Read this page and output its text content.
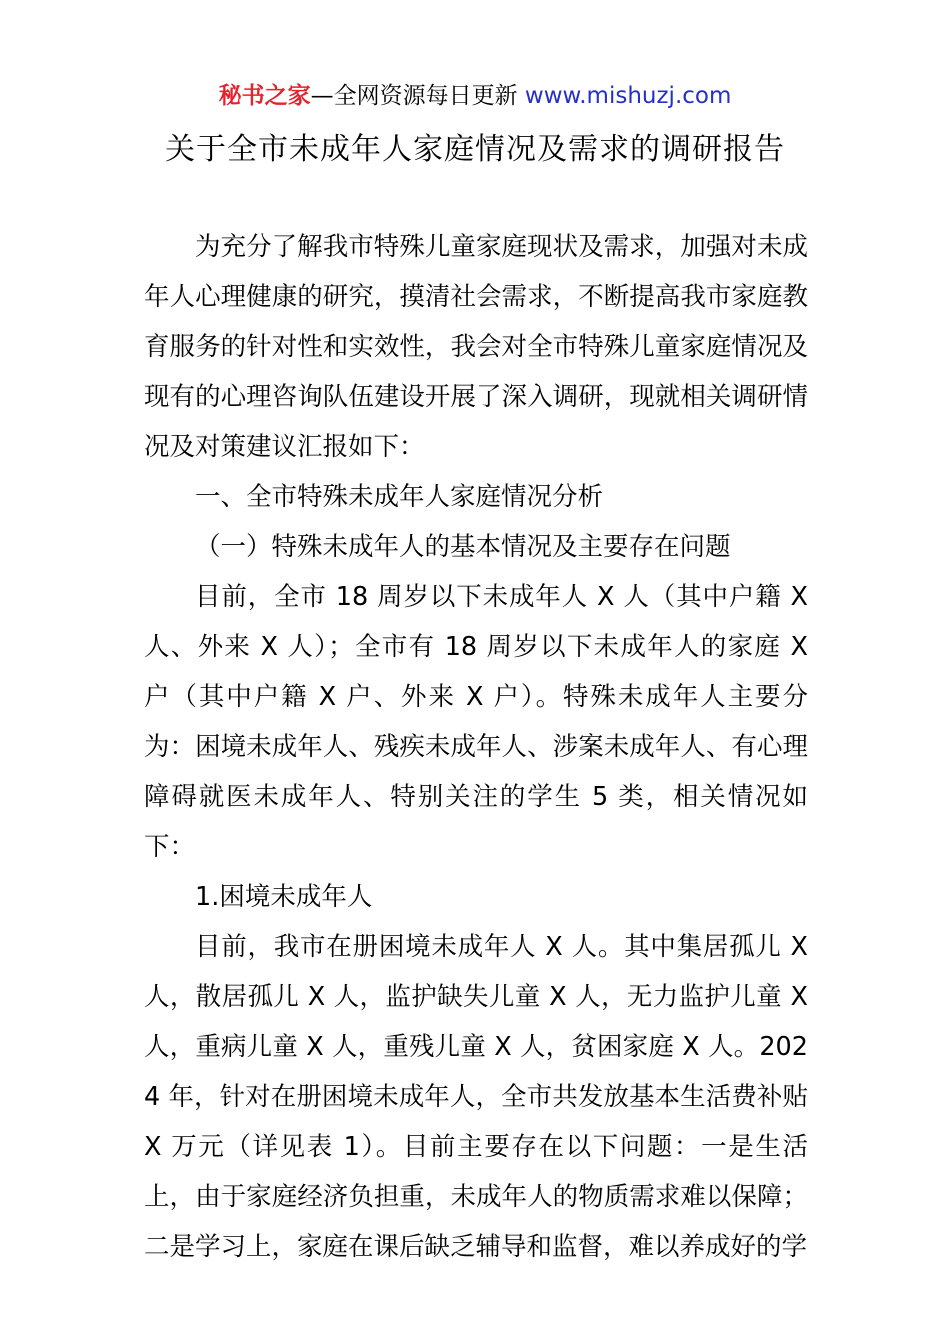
秘书之家—全网资源每日更新 www.mishuzj.com
关于全市未成年人家庭情况及需求的调研报告

为充分了解我市特殊儿童家庭现状及需求，加强对未成年人心理健康的研究，摸清社会需求，不断提高我市家庭教育服务的针对性和实效性，我会对全市特殊儿童家庭情况及现有的心理咨询队伍建设开展了深入调研，现就相关调研情况及对策建议汇报如下：

一、全市特殊未成年人家庭情况分析

（一）特殊未成年人的基本情况及主要存在问题

目前，全市 18 周岁以下未成年人 X 人（其中户籍 X 人、外来 X 人）；全市有 18 周岁以下未成年人的家庭 X 户（其中户籍 X 户、外来 X 户）。特殊未成年人主要分为：困境未成年人、残疾未成年人、涉案未成年人、有心理障碍就医未成年人、特别关注的学生 5 类，相关情况如下：

1.困境未成年人

目前，我市在册困境未成年人 X 人。其中集居孤儿 X 人，散居孤儿 X 人，监护缺失儿童 X 人，无力监护儿童 X 人，重病儿童 X 人，重残儿童 X 人，贫困家庭 X 人。2024 年，针对在册困境未成年人，全市共发放基本生活费补贴 X 万元（详见表 1）。目前主要存在以下问题：一是生活上，由于家庭经济负担重，未成年人的物质需求难以保障；二是学习上，家庭在课后缺乏辅导和监督，难以养成好的学
